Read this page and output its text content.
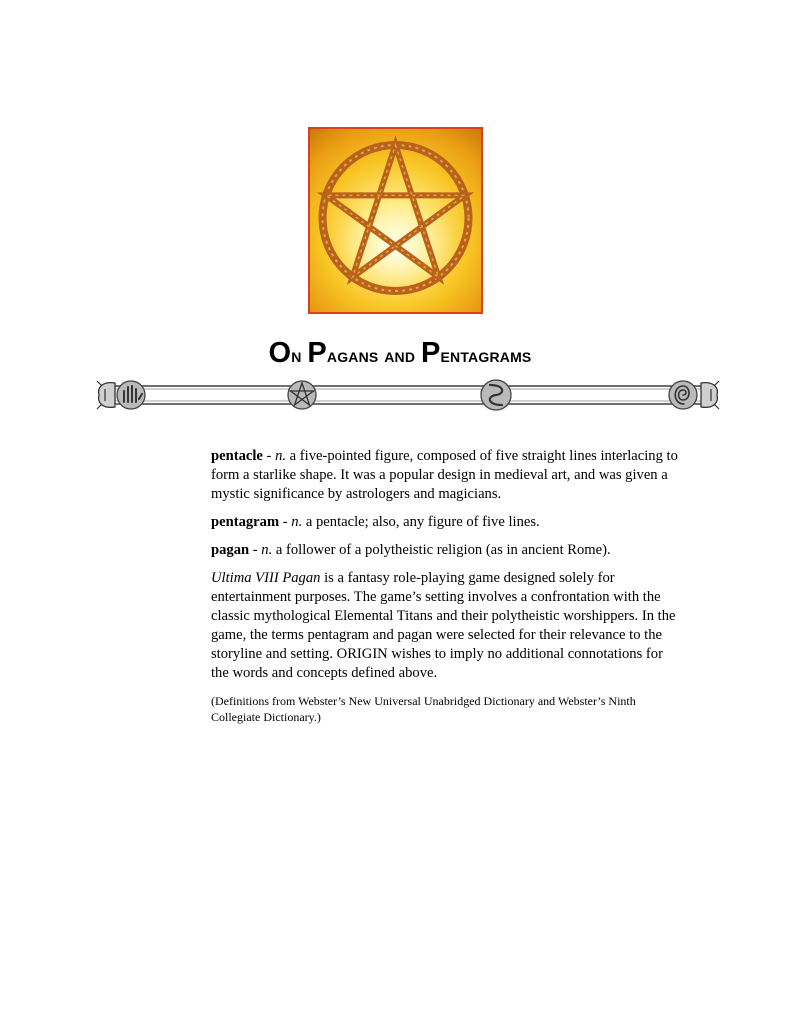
On Pagans and Pentagrams

pentacle - n. a five-pointed figure, composed of five straight lines interlacing to form a starlike shape. It was a popular design in medieval art, and was given a mystic significance by astrologers and magicians.

pentagram - n. a pentacle; also, any figure of five lines.

pagan - n. a follower of a polytheistic religion (as in ancient Rome).

Ultima VIII Pagan is a fantasy role-playing game designed solely for entertainment purposes. The game’s setting involves a confrontation with the classic mythological Elemental Titans and their polytheistic worshippers. In the game, the terms pentagram and pagan were selected for their relevance to the storyline and setting. ORIGIN wishes to imply no additional connotations for the words and concepts defined above.

(Definitions from Webster’s New Universal Unabridged Dictionary and Webster’s Ninth Collegiate Dictionary.)
